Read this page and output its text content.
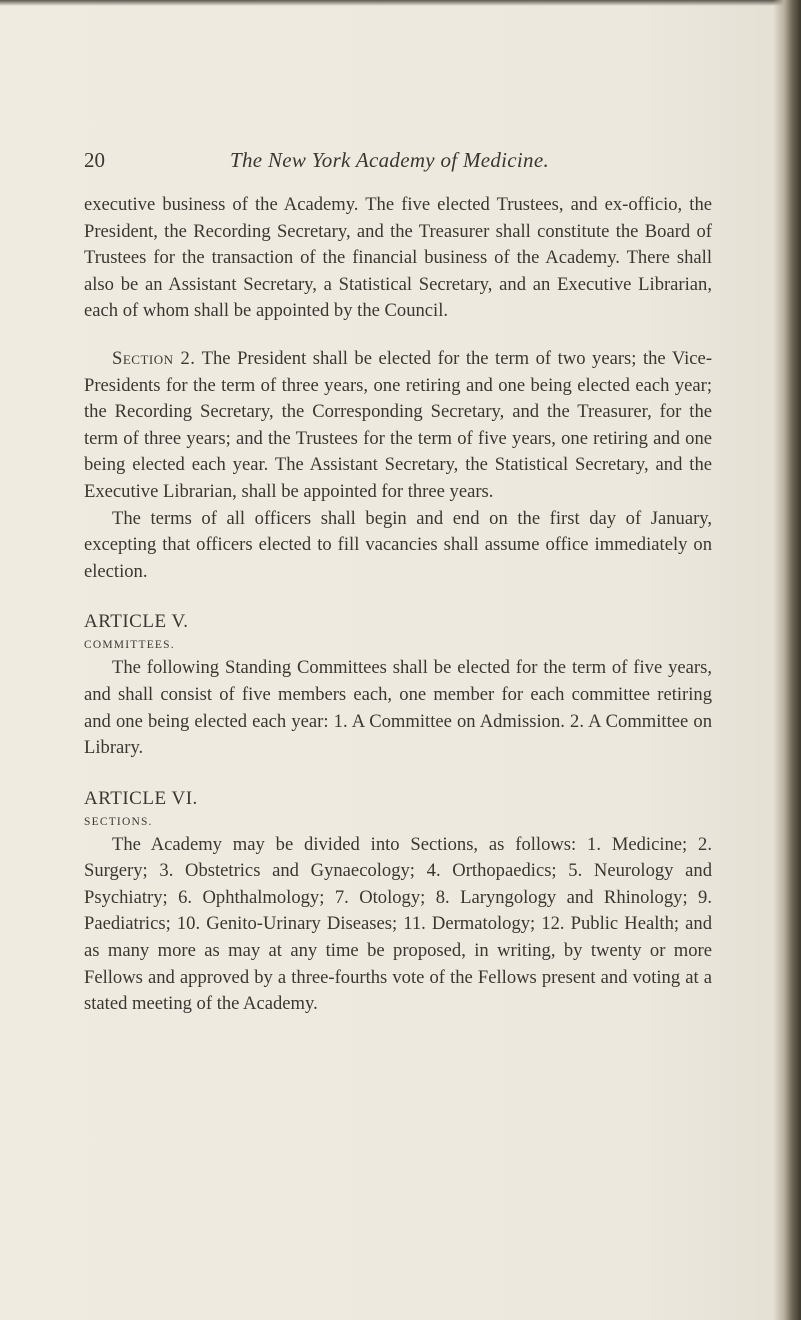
20	The New York Academy of Medicine.

executive business of the Academy. The five elected Trustees, and ex-officio, the President, the Recording Secretary, and the Treasurer shall constitute the Board of Trustees for the transaction of the financial business of the Academy. There shall also be an Assistant Secretary, a Statistical Secretary, and an Executive Librarian, each of whom shall be appointed by the Council.

Section 2. The President shall be elected for the term of two years; the Vice-Presidents for the term of three years, one retiring and one being elected each year; the Recording Secretary, the Corresponding Secretary, and the Treasurer, for the term of three years; and the Trustees for the term of five years, one retiring and one being elected each year. The Assistant Secretary, the Statistical Secretary, and the Executive Librarian, shall be appointed for three years.

The terms of all officers shall begin and end on the first day of January, excepting that officers elected to fill vacancies shall assume office immediately on election.

ARTICLE V.

COMMITTEES.

The following Standing Committees shall be elected for the term of five years, and shall consist of five members each, one member for each committee retiring and one being elected each year: 1. A Committee on Admission. 2. A Committee on Library.

ARTICLE VI.

SECTIONS.

The Academy may be divided into Sections, as follows: 1. Medicine; 2. Surgery; 3. Obstetrics and Gynaecology; 4. Orthopaedics; 5. Neurology and Psychiatry; 6. Ophthalmology; 7. Otology; 8. Laryngology and Rhinology; 9. Paediatrics; 10. Genito-Urinary Diseases; 11. Dermatology; 12. Public Health; and as many more as may at any time be proposed, in writing, by twenty or more Fellows and approved by a three-fourths vote of the Fellows present and voting at a stated meeting of the Academy.
